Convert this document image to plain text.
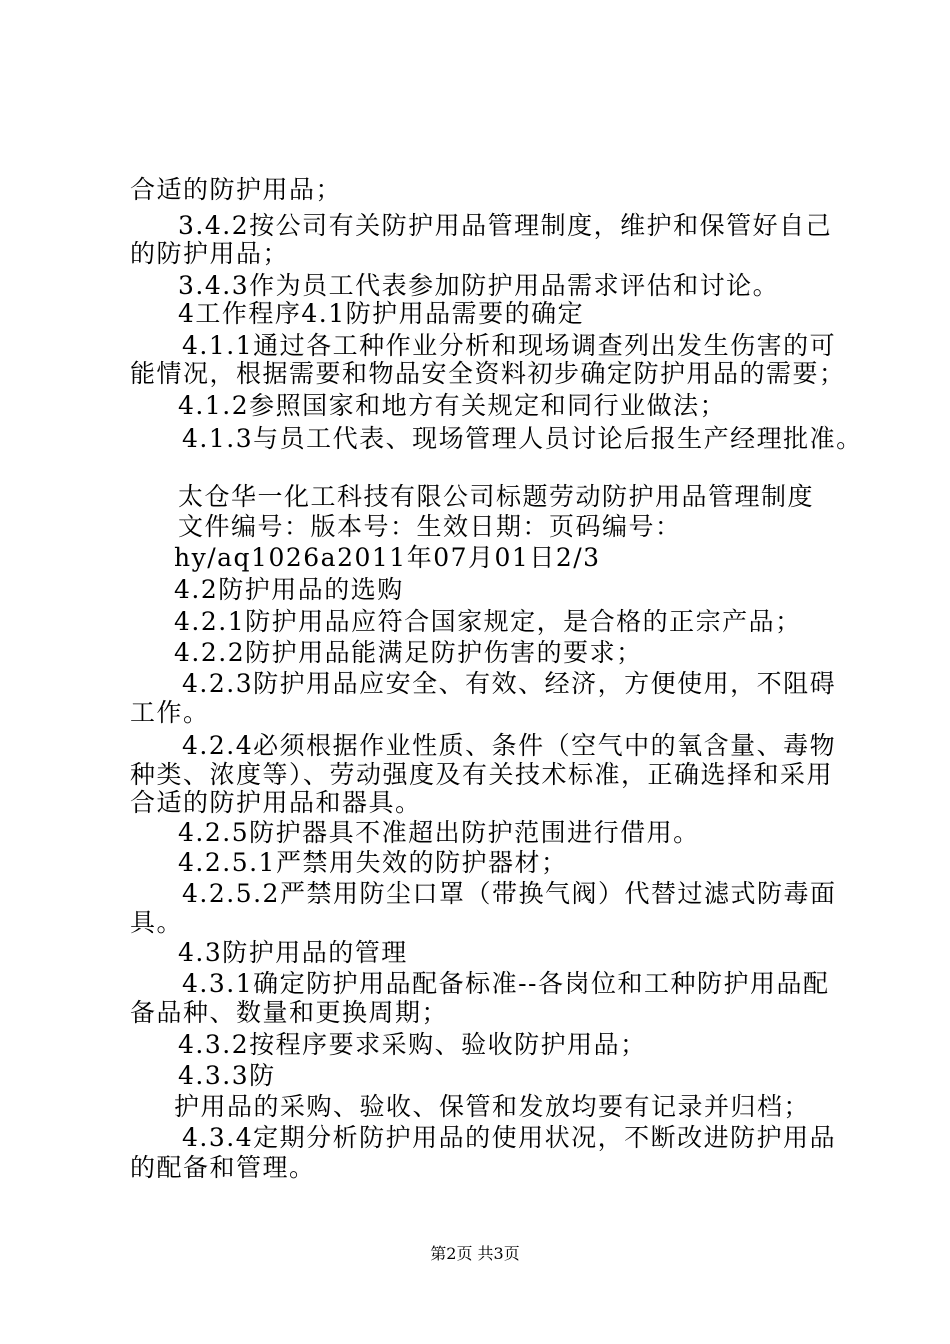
合适的防护用品；
3.4.2按公司有关防护用品管理制度，维护和保管好自己
的防护用品；
3.4.3作为员工代表参加防护用品需求评估和讨论。
4工作程序4.1防护用品需要的确定
4.1.1通过各工种作业分析和现场调查列出发生伤害的可
能情况，根据需要和物品安全资料初步确定防护用品的需要；
4.1.2参照国家和地方有关规定和同行业做法；
4.1.3与员工代表、现场管理人员讨论后报生产经理批准。
太仓华一化工科技有限公司标题劳动防护用品管理制度
文件编号：版本号：生效日期：页码编号：
hy/aq1026a2011年07月01日2/3
4.2防护用品的选购
4.2.1防护用品应符合国家规定，是合格的正宗产品；
4.2.2防护用品能满足防护伤害的要求；
4.2.3防护用品应安全、有效、经济，方便使用，不阻碍
工作。
4.2.4必须根据作业性质、条件（空气中的氧含量、毒物
种类、浓度等）、劳动强度及有关技术标准，正确选择和采用
合适的防护用品和器具。
4.2.5防护器具不准超出防护范围进行借用。
4.2.5.1严禁用失效的防护器材；
4.2.5.2严禁用防尘口罩（带换气阀）代替过滤式防毒面
具。
4.3防护用品的管理
4.3.1确定防护用品配备标准--各岗位和工种防护用品配
备品种、数量和更换周期；
4.3.2按程序要求采购、验收防护用品；
4.3.3防
护用品的采购、验收、保管和发放均要有记录并归档；
4.3.4定期分析防护用品的使用状况，不断改进防护用品
的配备和管理。
第2页 共3页
